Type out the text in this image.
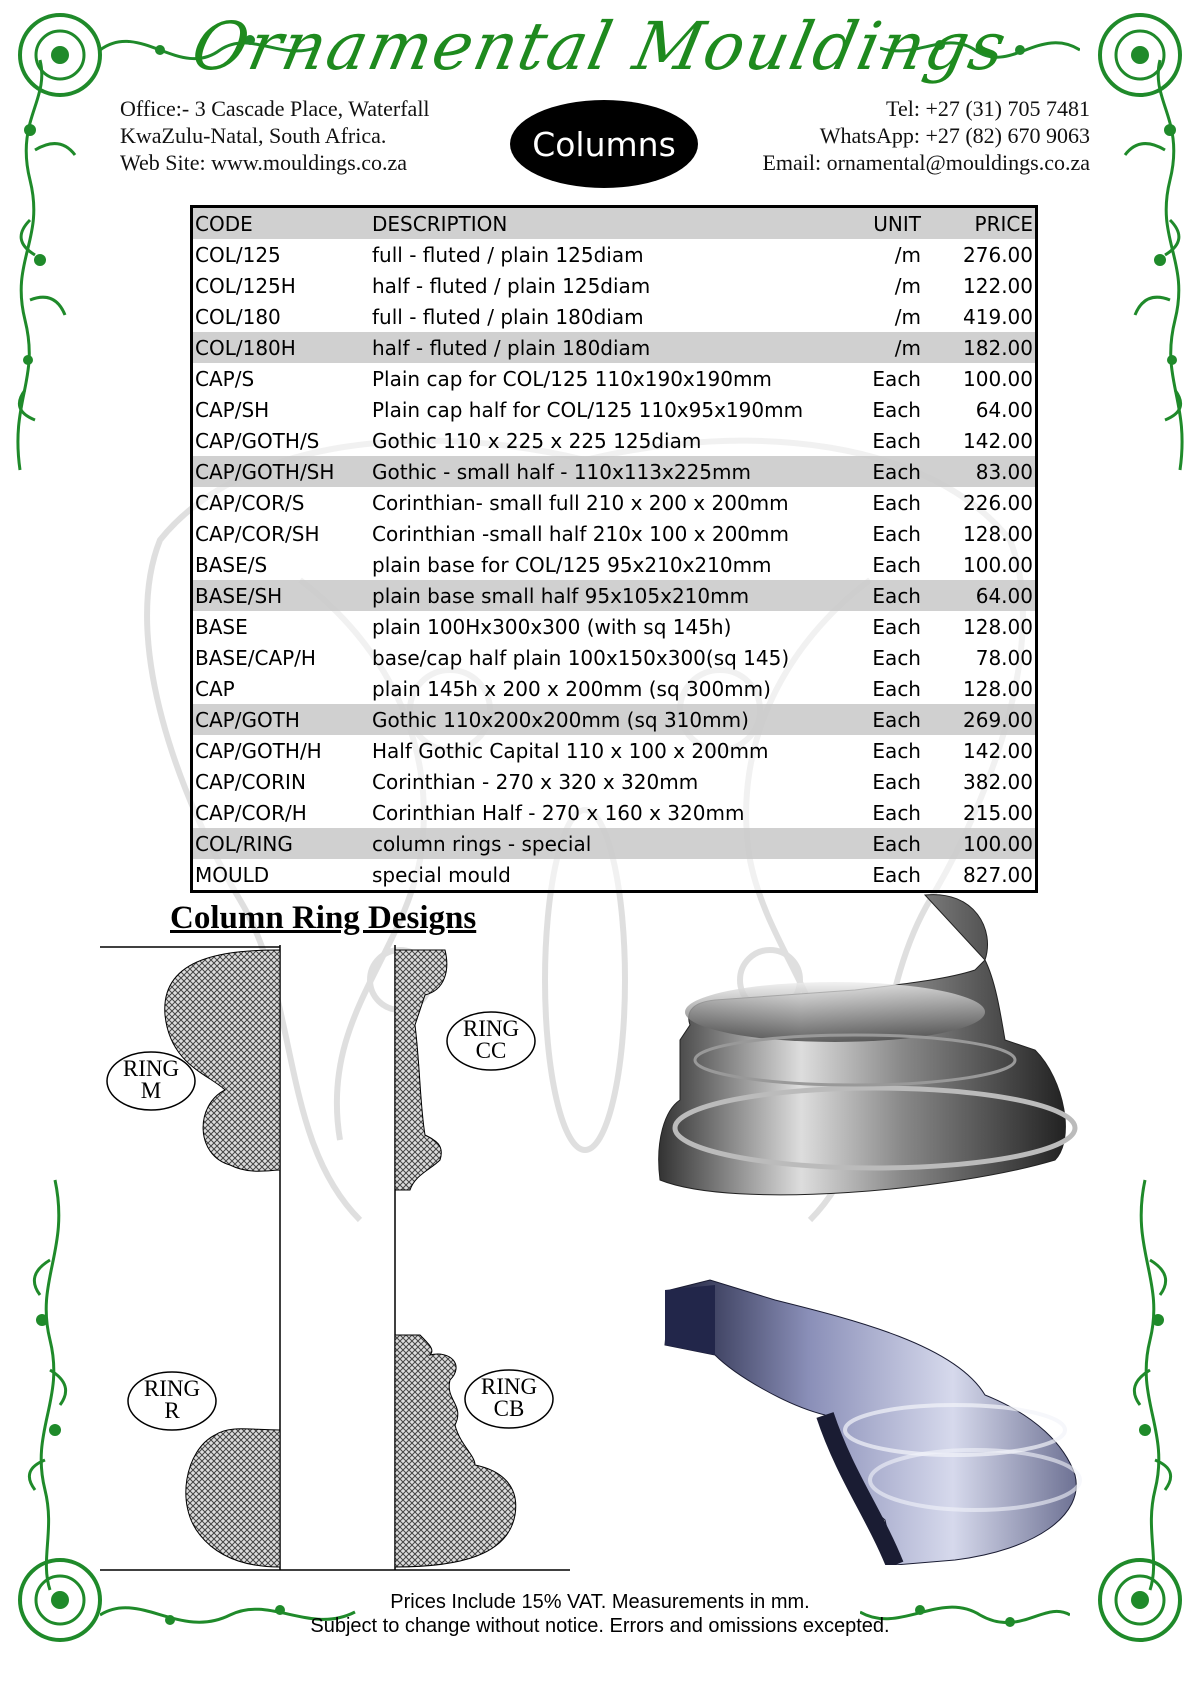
Ornamental Mouldings
Office:- 3 Cascade Place, Waterfall
KwaZulu-Natal, South Africa.
Web Site: www.mouldings.co.za	Columns
Tel: +27 (31) 705 7481
WhatsApp: +27 (82) 670 9063
Email: ornamental@mouldings.co.za
CODE	DESCRIPTION	UNIT	PRICE
COL/125	full - fluted / plain 125diam	/m	276.00
COL/125H	half - fluted / plain 125diam	/m	122.00
COL/180	full - fluted / plain 180diam	/m	419.00
COL/180H	half - fluted / plain 180diam	/m	182.00
CAP/S	Plain cap for COL/125 110x190x190mm	Each	100.00
CAP/SH	Plain cap half for COL/125 110x95x190mm	Each	64.00
CAP/GOTH/S	Gothic 110 x 225 x 225 125diam	Each	142.00
CAP/GOTH/SH	Gothic - small half - 110x113x225mm	Each	83.00
CAP/COR/S	Corinthian- small full 210 x 200 x 200mm	Each	226.00
CAP/COR/SH	Corinthian -small half 210x 100 x 200mm	Each	128.00
BASE/S	plain base for COL/125 95x210x210mm	Each	100.00
BASE/SH	plain base small half 95x105x210mm	Each	64.00
BASE	plain 100Hx300x300 (with sq 145h)	Each	128.00
BASE/CAP/H	base/cap half plain 100x150x300(sq 145)	Each	78.00
CAP	plain 145h x 200 x 200mm (sq 300mm)	Each	128.00
CAP/GOTH	Gothic 110x200x200mm (sq 310mm)	Each	269.00
CAP/GOTH/H	Half Gothic Capital 110 x 100 x 200mm	Each	142.00
CAP/CORIN	Corinthian - 270 x 320 x 320mm	Each	382.00
CAP/COR/H	Corinthian Half - 270 x 160 x 320mm	Each	215.00
COL/RING	column rings - special	Each	100.00
MOULD	special mould	Each	827.00
Column Ring Designs
RING
M
RING
CC
RING
R
RING
CB
Prices Include 15% VAT. Measurements in mm.
Subject to change without notice. Errors and omissions excepted.
